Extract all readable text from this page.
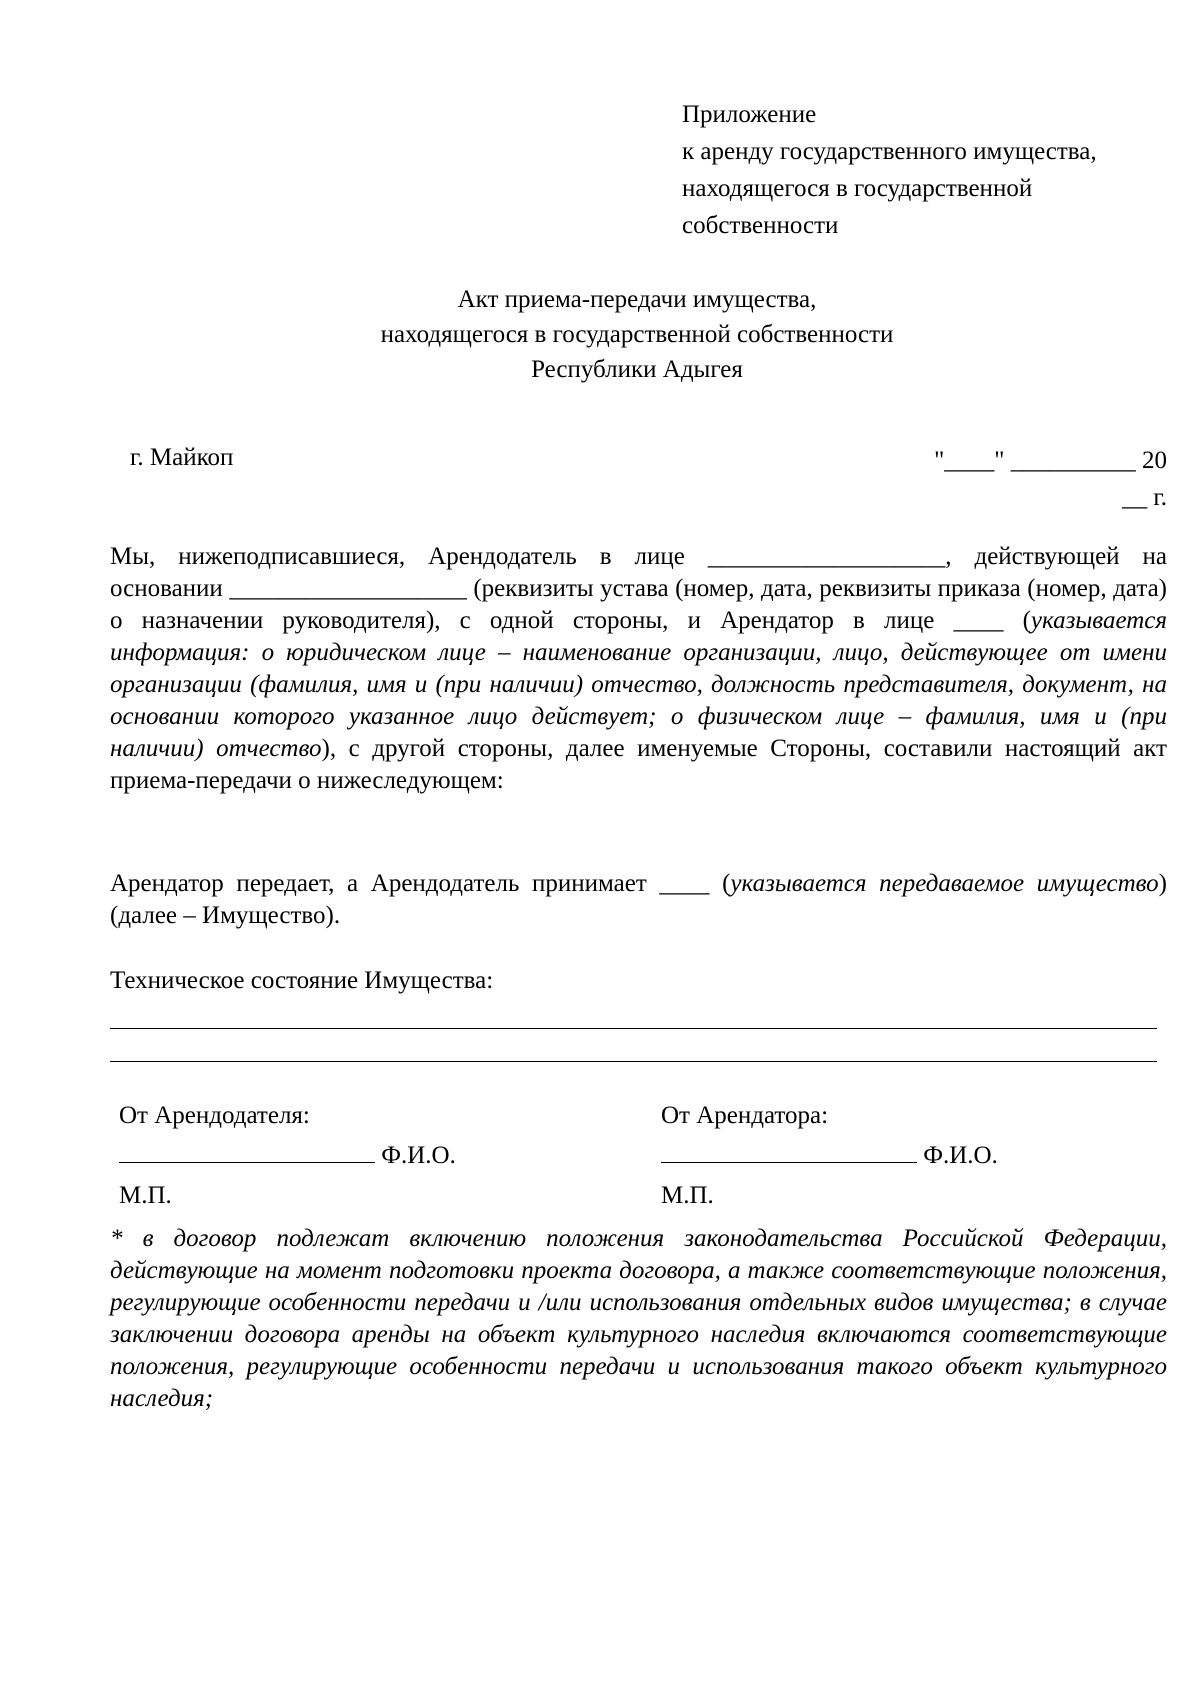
Приложение
к аренду государственного имущества,
находящегося в государственной
собственности
Акт приема-передачи имущества,
находящегося в государственной собственности
Республики Адыгея
г. Майкоп	"____" __________ 20
__ г.
Мы, нижеподписавшиеся, Арендодатель в лице ___________________, действующей на основании ___________________ (реквизиты устава (номер, дата, реквизиты приказа (номер, дата) о назначении руководителя), с одной стороны, и Арендатор в лице ____ (указывается информация: о юридическом лице – наименование организации, лицо, действующее от имени организации (фамилия, имя и (при наличии) отчество, должность представителя, документ, на основании которого указанное лицо действует; о физическом лице – фамилия, имя и (при наличии) отчество), с другой стороны, далее именуемые Стороны, составили настоящий акт приема-передачи о нижеследующем:
Арендатор передает, а Арендодатель принимает ____ (указывается передаваемое имущество) (далее – Имущество).
Техническое состояние Имущества:
От Арендодателя:
Ф.И.О.
М.П.
От Арендатора:
Ф.И.О.
М.П.
* в договор подлежат включению положения законодательства Российской Федерации, действующие на момент подготовки проекта договора, а также соответствующие положения, регулирующие особенности передачи и /или использования отдельных видов имущества; в случае заключении договора аренды на объект культурного наследия включаются соответствующие положения, регулирующие особенности передачи и использования такого объект культурного наследия;
